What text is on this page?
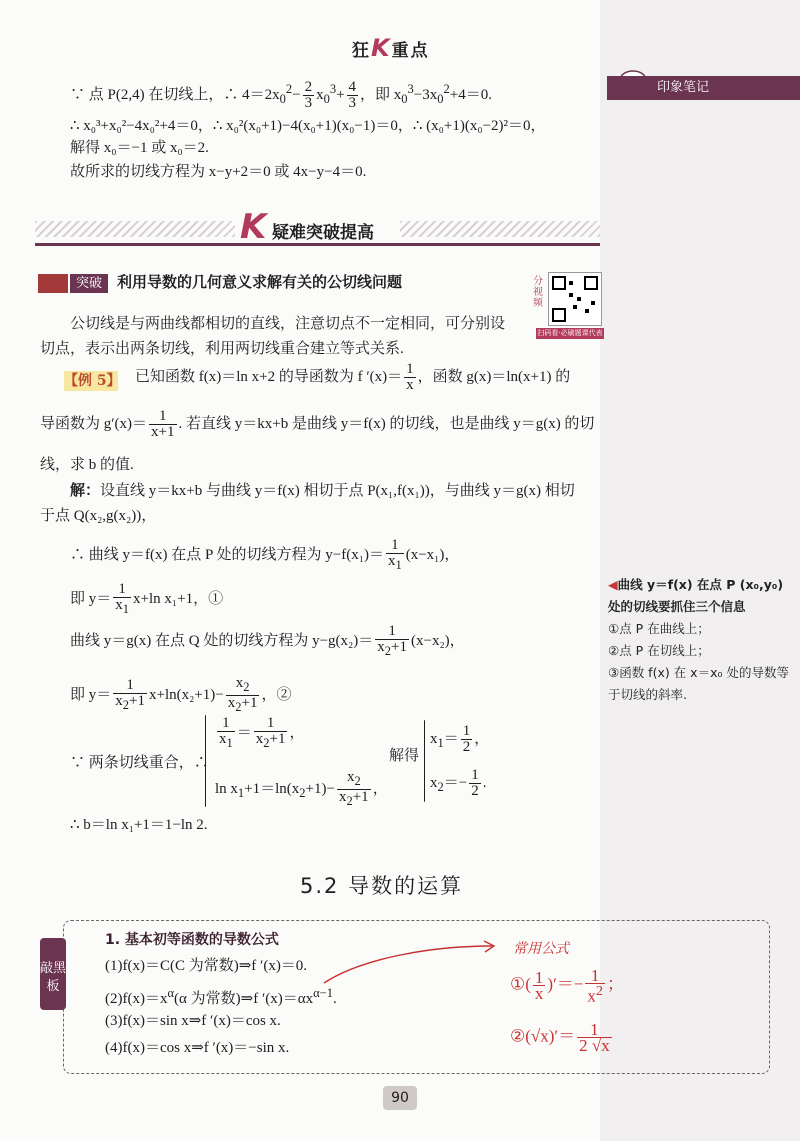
印象笔记
狂K重点
∵ 点 P(2,4) 在切线上，∴ $4=2x_0^2- \frac{2}{3} x_0^3+ \frac{4}{3}$ ，即 $x_0^3-3x_0^2+4=0$.
∴ x₀³+x₀²−4x₀²+4＝0，∴ x₀²(x₀+1)−4(x₀+1)(x₀−1)＝0，∴ (x₀+1)(x₀−2)²＝0，
解得 x₀＝−1 或 x₀＝2.
故所求的切线方程为 x−y+2＝0 或 4x−y−4＝0.
K 疑难突破提高
突破	利用导数的几何意义求解有关的公切线问题	分视频
扫码看·必刷题课代表
公切线是与两曲线都相切的直线，注意切点不一定相同，可分别设
切点，表示出两条切线，利用两切线重合建立等式关系.
【例 5】 已知函数 f(x)＝ln x+2 的导函数为 f $'(x)= \frac{1}{x}$ ，函数 g(x)＝ln(x+1) 的
导函数为 $g'(x)= \frac{1}{x+1}$ . 若直线 y＝kx+b 是曲线 y＝f(x) 的切线，也是曲线 y＝g(x) 的切
线，求 b 的值.
解：设直线 y＝kx+b 与曲线 y＝f(x) 相切于点 P(x₁,f(x₁))，与曲线 y＝g(x) 相切
于点 Q(x₂,g(x₂))，
∴ 曲线 y＝f(x) 在点 P 处的切线方程为 $y-f(x_1)= \frac{1}{x_1} (x-x_1)$，
即 $y= \frac{1}{x_1} x+\ln$ x₁+1，①
曲线 y＝g(x) 在点 Q 处的切线方程为 $y-g(x_2)= \frac{1}{x_2+1} (x-x_2)$，
即 $y= \frac{1}{x_2+1} x+\ln(x_2+1)- \frac{x_2}{x_2+1}$ ，②
∵ 两条切线重合，∴
$\frac{1}{x_1} = \frac{1}{x_2+1}$ ，
$\ln x_1+1=\ln(x_2+1)- \frac{x_2}{x_2+1}$ ，
解得
$x_1= \frac{1}{2}$ ，
$x_2=- \frac{1}{2}$ .
∴ b＝ln x₁+1＝1−ln 2.
◀曲线 y＝f(x) 在点 P (x₀,y₀) 处的切线要抓住三个信息
①点 P 在曲线上；
②点 P 在切线上；
③函数 f(x) 在 x＝x₀ 处的导数等于切线的斜率.
5.2 导数的运算
敲黑板
1. 基本初等函数的导数公式
(1)f(x)＝C(C 为常数)⇒f ′(x)＝0.
$(2)f(x)=x^\alpha(\alpha$ 为常数)⇒f $'(x)=\alpha x^{\alpha-1}$.
(3)f(x)＝sin x⇒f ′(x)＝cos x.
(4)f(x)＝cos x⇒f ′(x)＝−sin x.
常用公式
①( $\frac{1}{x}$ )′＝− $\frac{1}{x^2}$ ；
②(√x)′＝ $\frac{1}{2 √x}$
90
